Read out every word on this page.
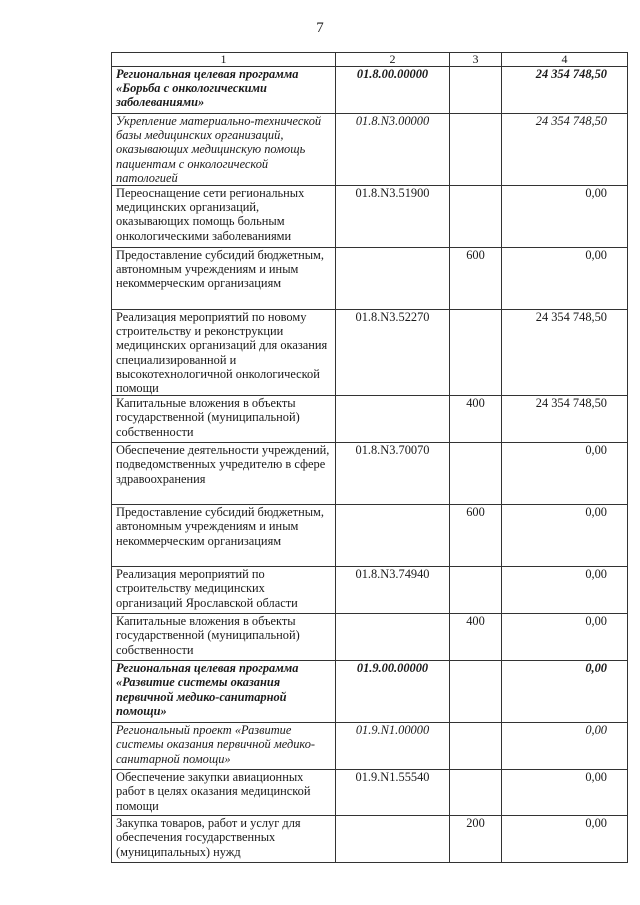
7
1	2	3	4
Региональная целевая программа «Борьба с онкологическими заболеваниями»	01.8.00.00000		24 354 748,50
Укрепление материально-технической базы медицинских организаций, оказывающих медицинскую помощь пациентам с онкологической патологией	01.8.N3.00000		24 354 748,50
Переоснащение сети региональных медицинских организаций, оказывающих помощь больным онкологическими заболеваниями	01.8.N3.51900		0,00
Предоставление субсидий бюджетным, автономным учреждениям и иным некоммерческим организациям		600	0,00
Реализация мероприятий по новому строительству и реконструкции медицинских организаций для оказания специализированной и высокотехнологичной онкологической помощи	01.8.N3.52270		24 354 748,50
Капитальные вложения в объекты государственной (муниципальной) собственности		400	24 354 748,50
Обеспечение деятельности учреждений, подведомственных учредителю в сфере здравоохранения	01.8.N3.70070		0,00
Предоставление субсидий бюджетным, автономным учреждениям и иным некоммерческим организациям		600	0,00
Реализация мероприятий по строительству медицинских организаций Ярославской области	01.8.N3.74940		0,00
Капитальные вложения в объекты государственной (муниципальной) собственности		400	0,00
Региональная целевая программа «Развитие системы оказания первичной медико-санитарной помощи»	01.9.00.00000		0,00
Региональный проект «Развитие системы оказания первичной медико-санитарной помощи»	01.9.N1.00000		0,00
Обеспечение закупки авиационных работ в целях оказания медицинской помощи	01.9.N1.55540		0,00
Закупка товаров, работ и услуг для обеспечения государственных (муниципальных) нужд		200	0,00
